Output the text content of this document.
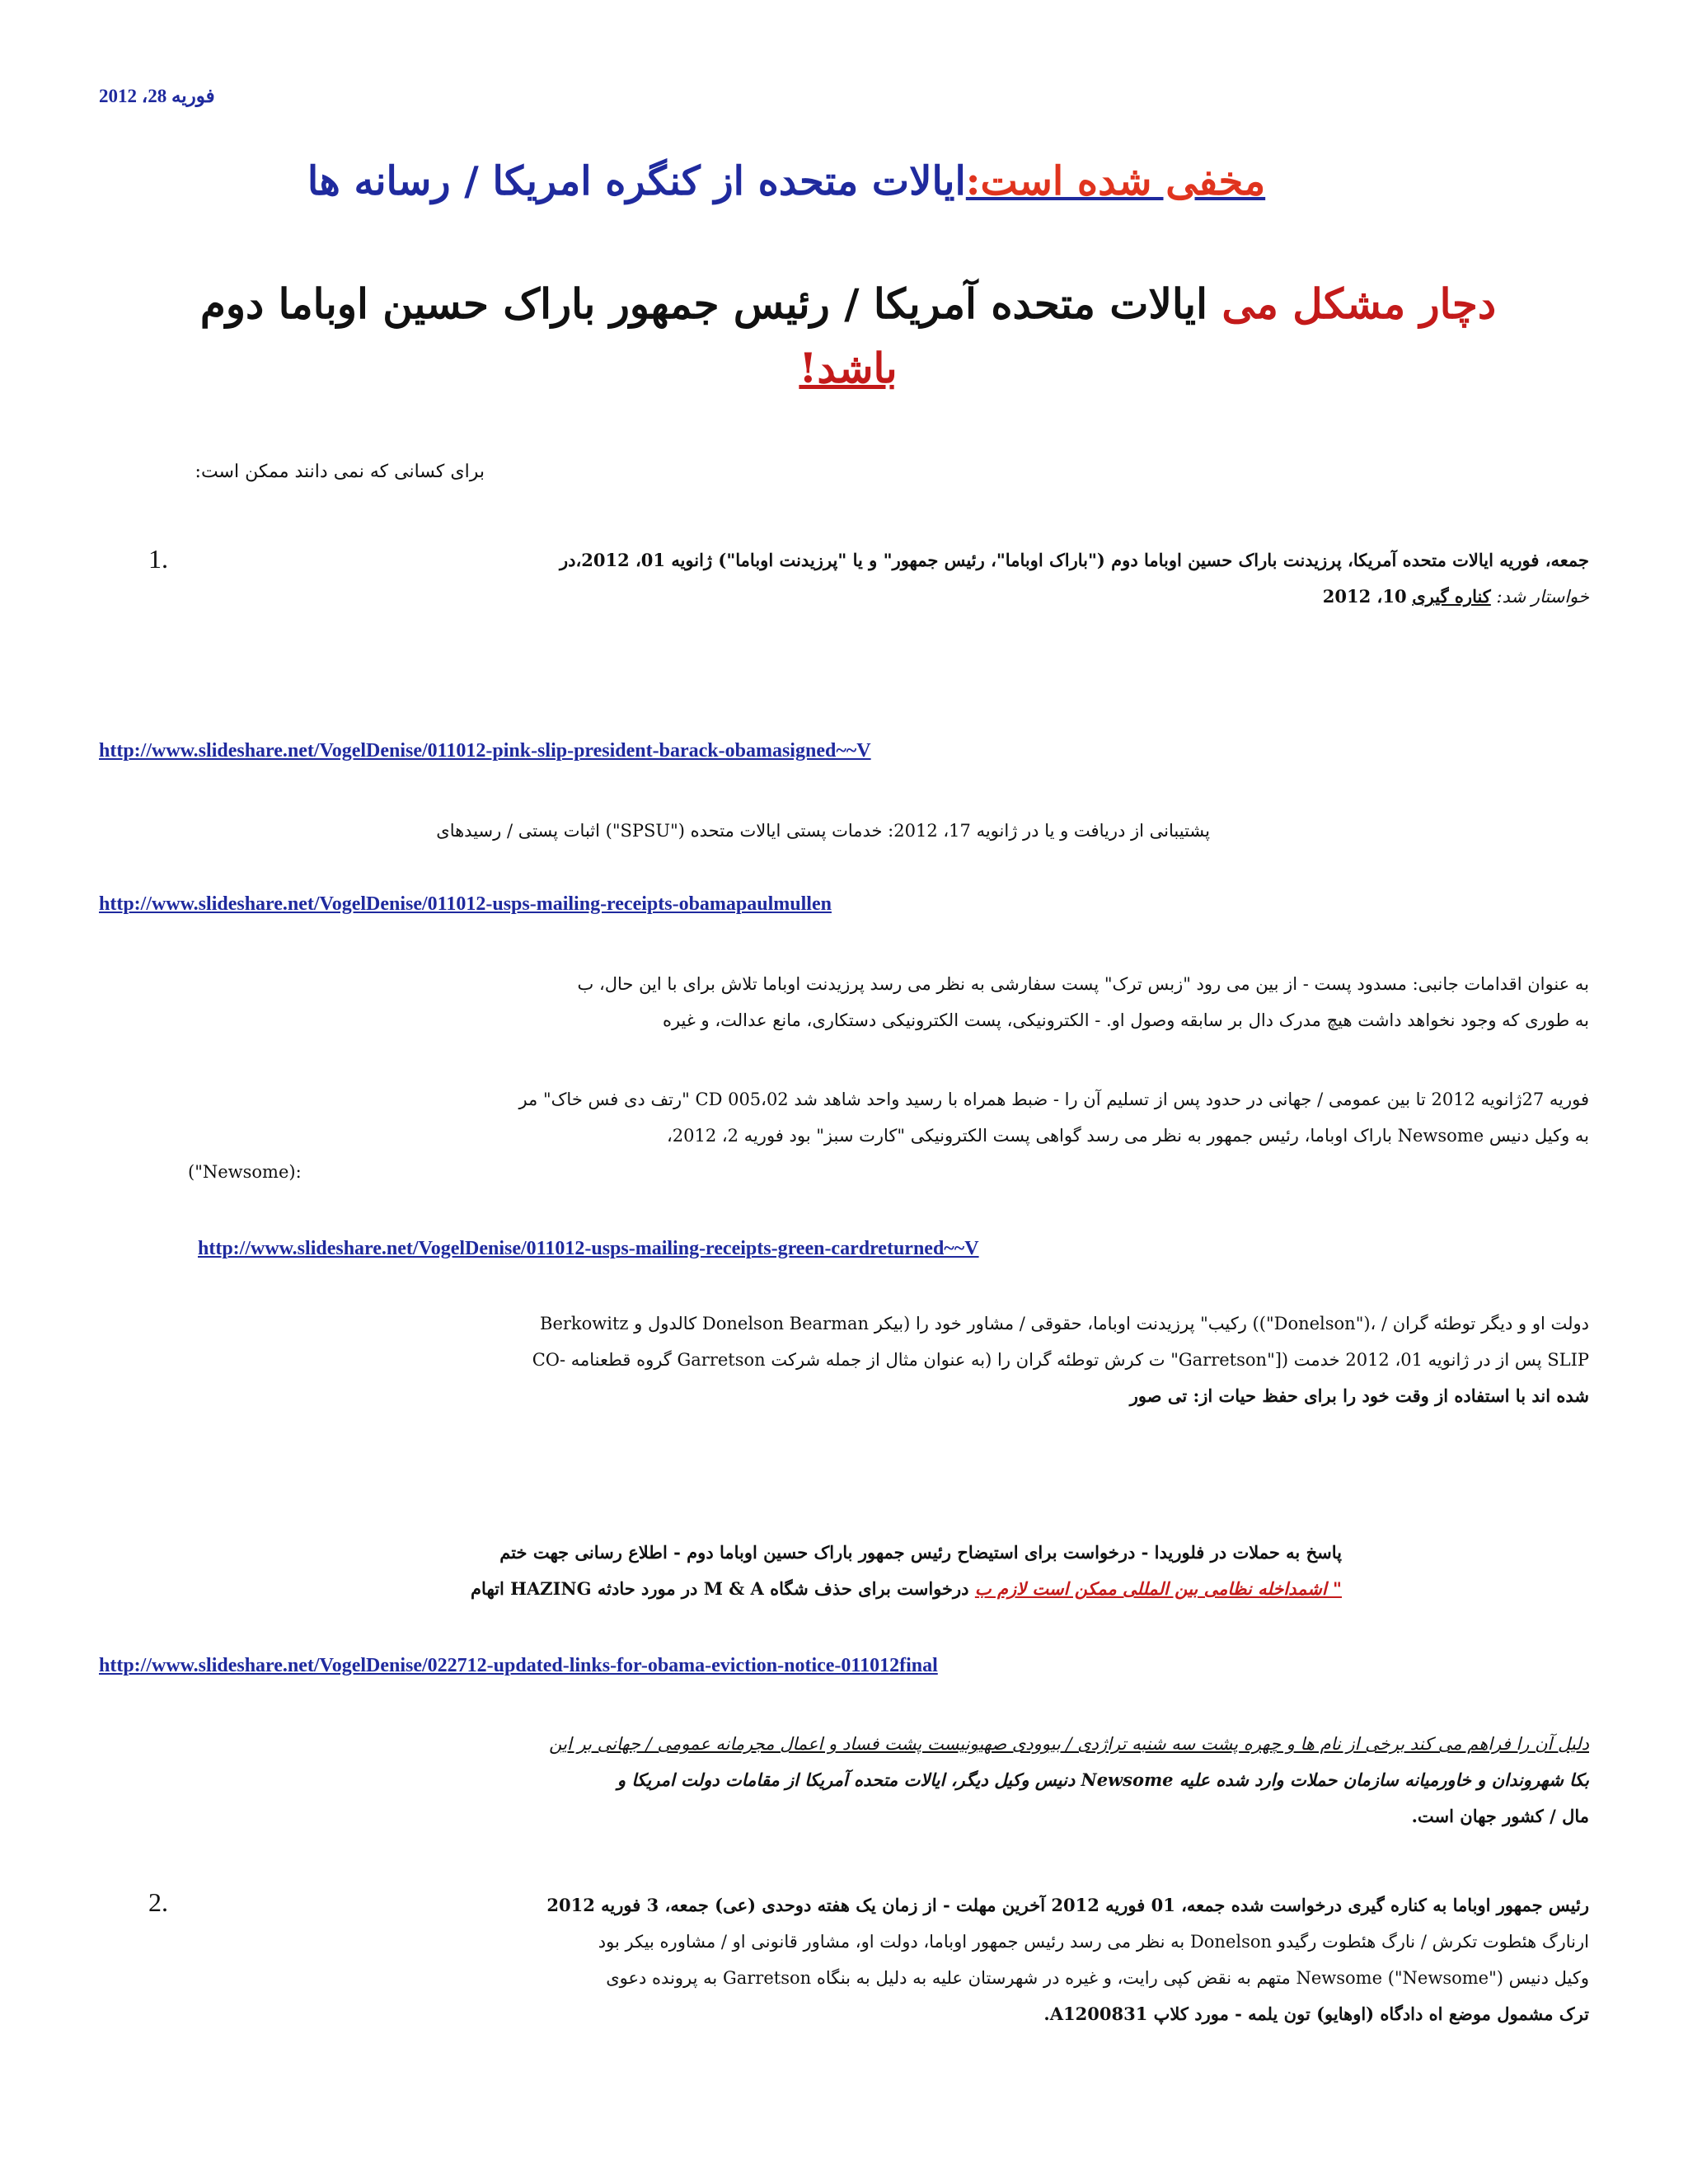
فوریه 28، 2012
مخفی شده است:ایالات متحده از کنگره امریکا / رسانه ها
دچار مشکل می ایالات متحده آمریکا / رئیس جمهور باراک حسین اوباما دوم
باشد!
برای کسانی که نمی دانند ممکن است:
1.	جمعه، فوریه ایالات متحده آمریکا، پرزیدنت باراک حسین اوباما دوم ("باراک اوباما"، رئیس جمهور" و یا "پرزیدنت اوباما") ژانویه 01، 2012،در
خواستار شد: کناره گیری 10، 2012
http://www.slideshare.net/VogelDenise/011012-pink-slip-president-barack-obamasigned~~V
پشتیبانی از دریافت و یا در ژانویه 17، 2012: خدمات پستی ایالات متحده ("SPSU") اثبات پستی / رسیدهای
http://www.slideshare.net/VogelDenise/011012-usps-mailing-receipts-obamapaulmullen
به عنوان اقدامات جانبی: مسدود پست - از بین می رود "زبس ترک" پست سفارشی به نظر می رسد پرزیدنت اوباما تلاش برای با این حال، ب
به طوری که وجود نخواهد داشت هیچ مدرک دال بر سابقه وصول او. - الکترونیکی، پست الکترونیکی دستکاری، مانع عدالت، و غیره
فوریه 27ژانویه 2012 تا بین عمومی / جهانی در حدود پس از تسلیم آن را - ضبط همراه با رسید واحد شاهد شد CD 005،02 "رتف دی فس خاک" مر
به وکیل دنیس Newsome باراک اوباما، رئیس جمهور به نظر می رسد گواهی پست الکترونیکی "کارت سبز" بود فوریه 2، 2012،
("Newsome):
http://www.slideshare.net/VogelDenise/011012-usps-mailing-receipts-green-cardreturned~~V
دولت او و دیگر توطئه گران / ،("Donelson")) رکیب" پرزیدنت اوباما، حقوقی / مشاور خود را (بیکر Donelson Bearman کالدول و Berkowitz
SLIP پس از در ژانویه 01، 2012 خدمت (["Garretson" ت کرش توطئه گران را (به عنوان مثال از جمله شرکت Garretson گروه قطعنامه -CO
شده اند با استفاده از وقت خود را برای حفظ حیات از: تی صور
پاسخ به حملات در فلوریدا - درخواست برای استیضاح رئیس جمهور باراک حسین اوباما دوم - اطلاع رسانی جهت ختم
" اشمداخله نظامی بین المللی ممکن است لازم ب درخواست برای حذف شگاه M & A در مورد حادثه HAZING اتهام
http://www.slideshare.net/VogelDenise/022712-updated-links-for-obama-eviction-notice-011012final
دلیل آن را فراهم می کند برخی از نام ها و چهره پشت سه شنبه تراژدی / بیوودی صهیونیست پشت فساد و اعمال مجرمانه عمومی / جهانی بر این
بکا شهروندان و خاورمیانه سازمان حملات وارد شده علیه Newsome دنیس وکیل دیگر، ایالات متحده آمریکا از مقامات دولت امریکا و
مال / کشور جهان است.
2.	رئیس جمهور اوباما به کناره گیری درخواست شده جمعه، 01 فوریه 2012 آخرین مهلت - از زمان یک هفته دوحدی (عی) جمعه، 3 فوریه 2012
ارنارگ هئطوت تکرش / نارگ هئطوت رگیدو Donelson به نظر می رسد رئیس جمهور اوباما، دولت او، مشاور قانونی او / مشاوره بیکر بود
وکیل دنیس Newsome ("Newsome") متهم به نقض کپی رایت، و غیره در شهرستان علیه به دلیل به بنگاه Garretson به پرونده دعوی
ترک مشمول موضع اه دادگاه (اوهایو) تون یلمه - مورد کلاپ A1200831.
